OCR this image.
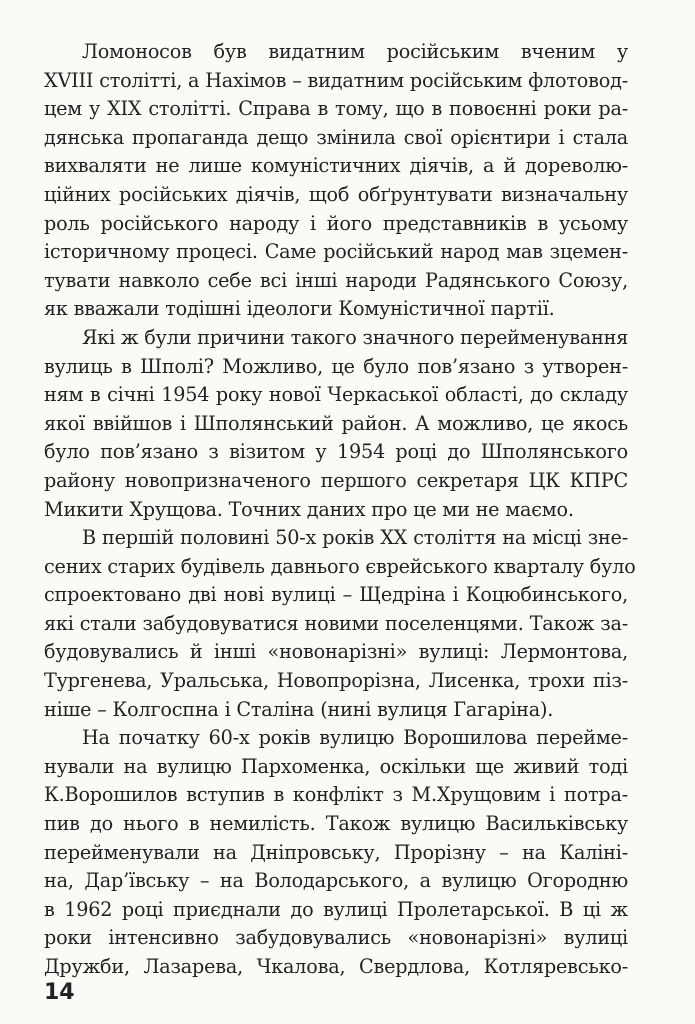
Ломоносов був видатним російським вченим у
XVIII столітті, а Нахімов – видатним російським флотовод-
цем у XIX столітті. Справа в тому, що в повоєнні роки ра-
дянська пропаганда дещо змінила свої орієнтири і стала
вихваляти не лише комуністичних діячів, а й дореволю-
ційних російських діячів, щоб обґрунтувати визначальну
роль російського народу і його представників в усьому
історичному процесі. Саме російський народ мав зцемен-
тувати навколо себе всі інші народи Радянського Союзу,
як вважали тодішні ідеологи Комуністичної партії.
Які ж були причини такого значного перейменування
вулиць в Шполі? Можливо, це було пов’язано з утворен-
ням в січні 1954 року нової Черкаської області, до складу
якої ввійшов і Шполянський район. А можливо, це якось
було пов’язано з візитом у 1954 році до Шполянського
району новопризначеного першого секретаря ЦК КПРС
Микити Хрущова. Точних даних про це ми не маємо.
В першій половині 50-х років XX століття на місці зне-
сених старих будівель давнього єврейського кварталу було
спроектовано дві нові вулиці – Щедріна і Коцюбинського,
які стали забудовуватися новими поселенцями. Також за-
будовувались й інші «новонарізні» вулиці: Лермонтова,
Тургенева, Уральська, Новопрорізна, Лисенка, трохи піз-
ніше – Колгоспна і Сталіна (нині вулиця Гагаріна).
На початку 60-х років вулицю Ворошилова переймe-
нували на вулицю Пархоменка, оскільки ще живий тоді
К.Ворошилов вступив в конфлікт з М.Хрущовим і потра-
пив до нього в немилість. Також вулицю Васильківську
перейменували на Дніпровську, Прорізну – на Калiні-
на, Дар’ївську – на Володарського, а вулицю Огородню
в 1962 році приєднали до вулиці Пролетарської. В ці ж
роки інтенсивно забудовувались «новонарізні» вулиці
Дружби, Лазарева, Чкалова, Свердлова, Котляревсько-
14
